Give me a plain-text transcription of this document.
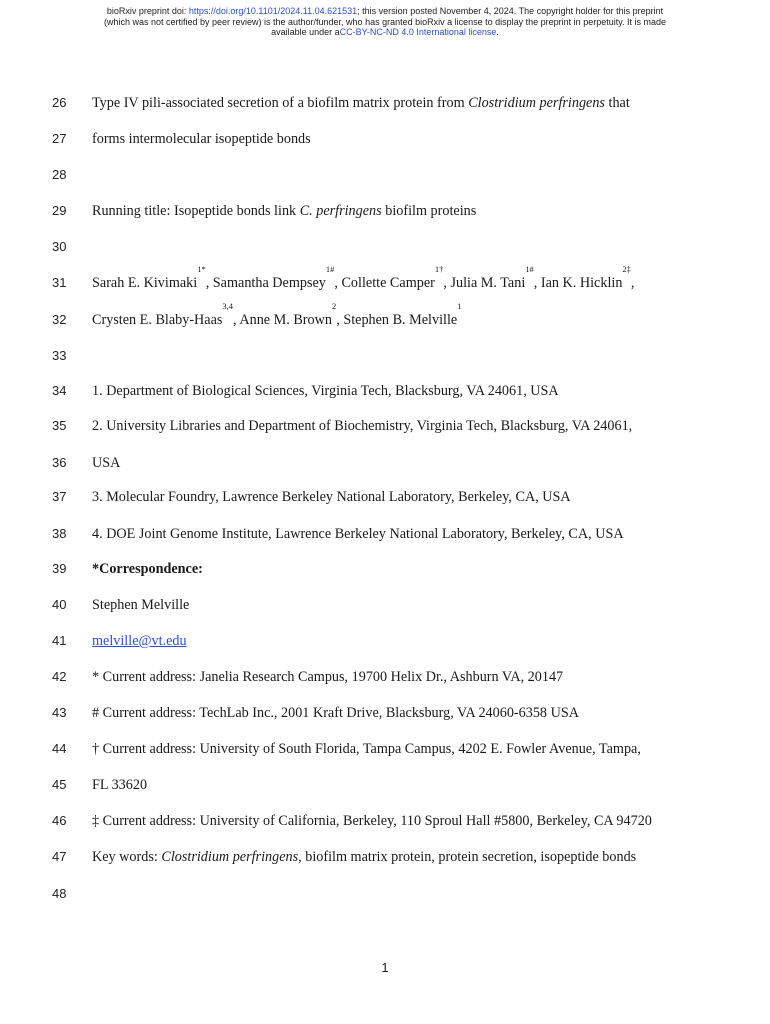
bioRxiv preprint doi: https://doi.org/10.1101/2024.11.04.621531; this version posted November 4, 2024. The copyright holder for this preprint
(which was not certified by peer review) is the author/funder, who has granted bioRxiv a license to display the preprint in perpetuity. It is made
available under aCC-BY-NC-ND 4.0 International license.
26 Type IV pili-associated secretion of a biofilm matrix protein from Clostridium perfringens that
27 forms intermolecular isopeptide bonds
28
29 Running title: Isopeptide bonds link C. perfringens biofilm proteins
30
31 Sarah E. Kivimaki$^{1*}$, Samantha Dempsey$^{1\#}$, Collette Camper$^{1\dagger}$, Julia M. Tani$^{1\#}$, Ian K. Hicklin$^{2\ddagger}$,
32 Crysten E. Blaby-Haas$^{3,4}$, Anne M. Brown$^2$, Stephen B. Melville$^1$
33
34 1. Department of Biological Sciences, Virginia Tech, Blacksburg, VA 24061, USA
35 2. University Libraries and Department of Biochemistry, Virginia Tech, Blacksburg, VA 24061,
36 USA
37 3. Molecular Foundry, Lawrence Berkeley National Laboratory, Berkeley, CA, USA
38 4. DOE Joint Genome Institute, Lawrence Berkeley National Laboratory, Berkeley, CA, USA
39 *Correspondence:
40 Stephen Melville
41 melville@vt.edu
42 * Current address: Janelia Research Campus, 19700 Helix Dr., Ashburn VA, 20147
43 # Current address: TechLab Inc., 2001 Kraft Drive, Blacksburg, VA 24060-6358 USA
44 † Current address: University of South Florida, Tampa Campus, 4202 E. Fowler Avenue, Tampa,
45 FL 33620
46 ‡ Current address: University of California, Berkeley, 110 Sproul Hall #5800, Berkeley, CA 94720
47 Key words: Clostridium perfringens, biofilm matrix protein, protein secretion, isopeptide bonds
48
1
